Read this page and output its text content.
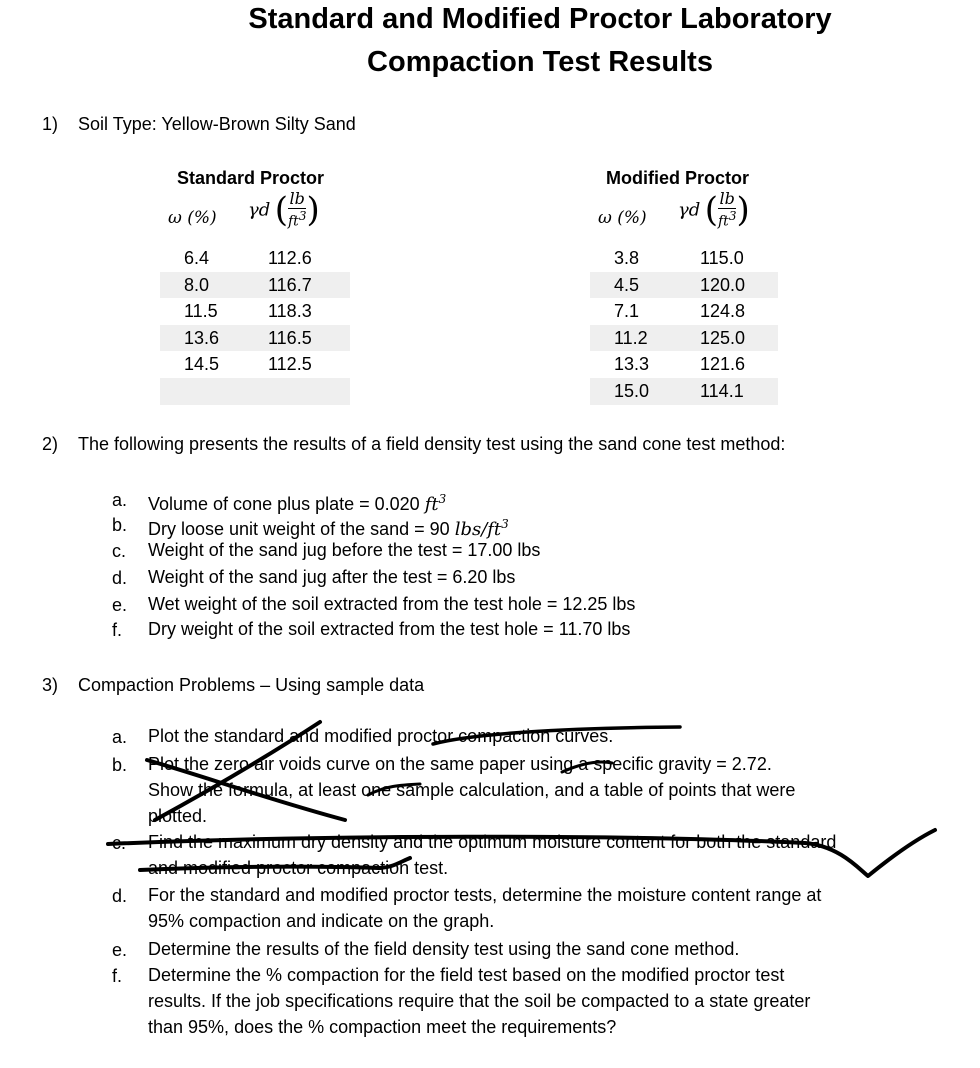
Standard and Modified Proctor Laboratory
Compaction Test Results
1) Soil Type: Yellow-Brown Silty Sand
Standard Proctor
ω (%) γd ( $\frac{lb}{ft^3}$ )
6.4	112.6
8.0	116.7
11.5	118.3
13.6	116.5
14.5	112.5
Modified Proctor
ω (%) γd ( $\frac{lb}{ft^3}$ )
3.8	115.0
4.5	120.0
7.1	124.8
11.2	125.0
13.3	121.6
15.0	114.1
2) The following presents the results of a field density test using the sand cone test method:
a. Volume of cone plus plate = 0.020 $ft^3$
b. Dry loose unit weight of the sand = 90 lbs/$ft^3$
c. Weight of the sand jug before the test = 17.00 lbs
d. Weight of the sand jug after the test = 6.20 lbs
e. Wet weight of the soil extracted from the test hole = 12.25 lbs
f. Dry weight of the soil extracted from the test hole = 11.70 lbs
3) Compaction Problems – Using sample data
a. Plot the standard and modified proctor compaction curves.
b. Plot the zero air voids curve on the same paper using a specific gravity = 2.72.
Show the formula, at least one sample calculation, and a table of points that were
plotted.
c. Find the maximum dry density and the optimum moisture content for both the standard
and modified proctor compaction test.
d. For the standard and modified proctor tests, determine the moisture content range at
95% compaction and indicate on the graph.
e. Determine the results of the field density test using the sand cone method.
f. Determine the % compaction for the field test based on the modified proctor test
results. If the job specifications require that the soil be compacted to a state greater
than 95%, does the % compaction meet the requirements?
